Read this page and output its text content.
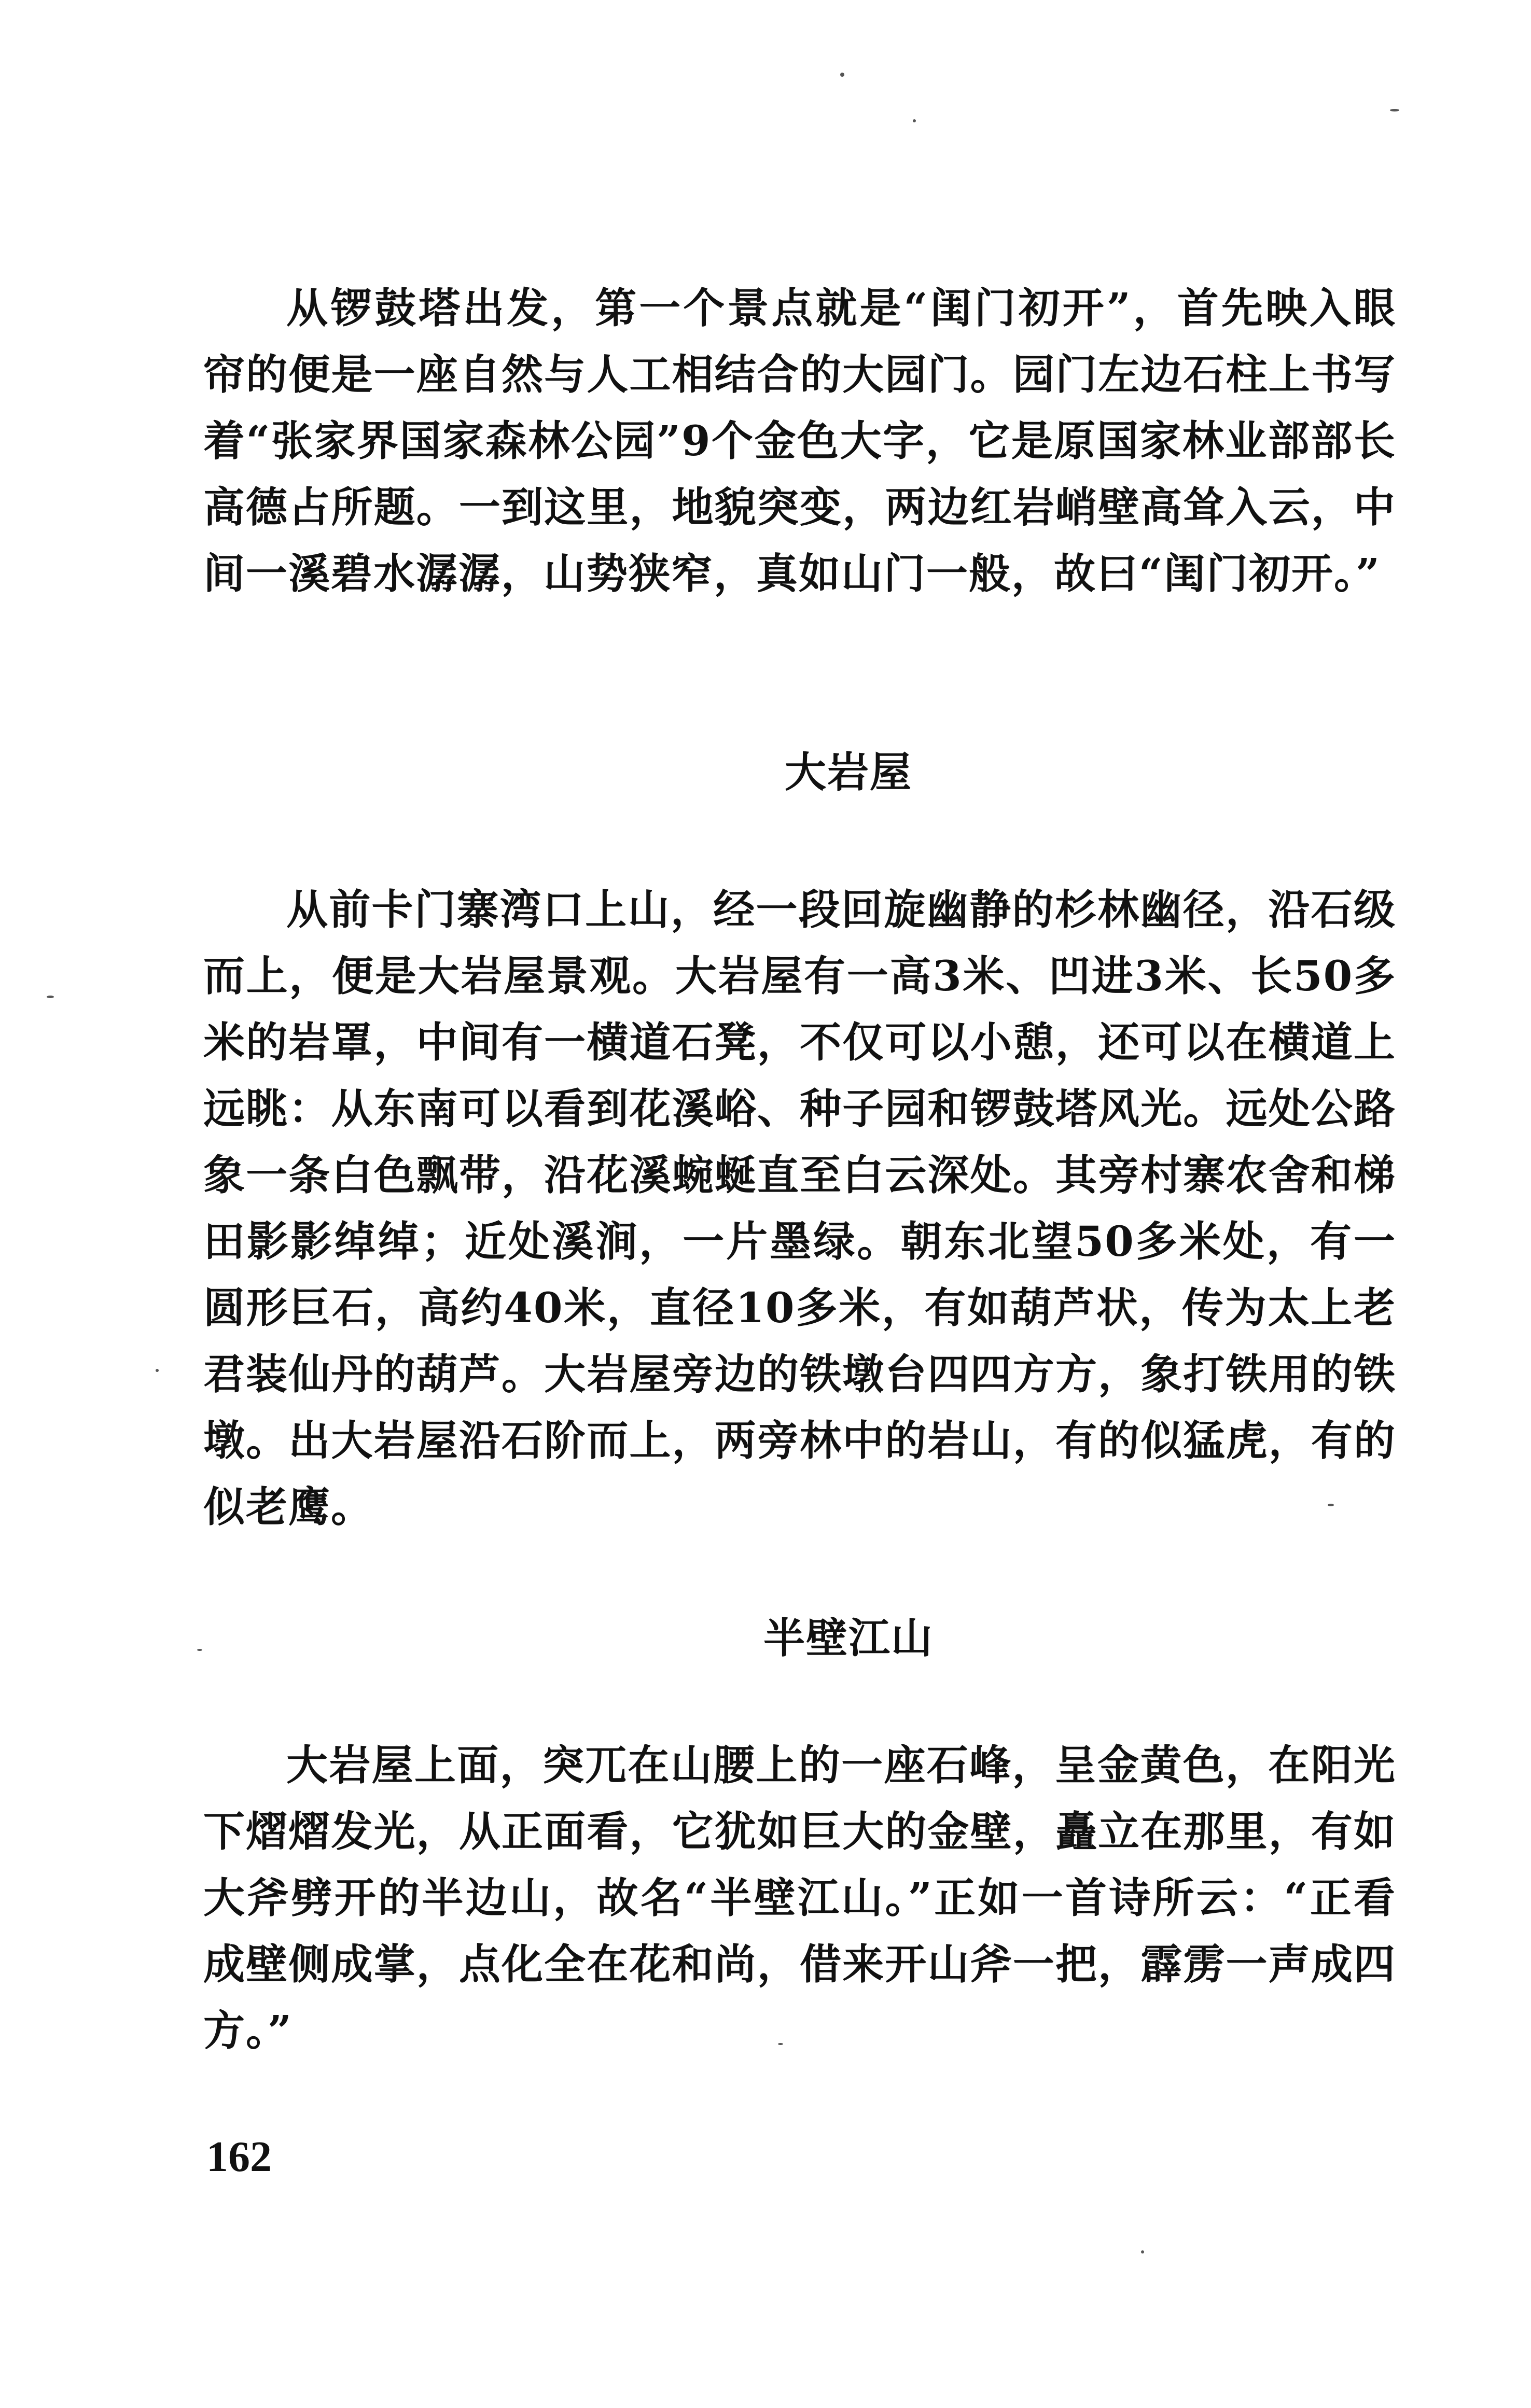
从锣鼓塔出发，第一个景点就是“闺门初开”，首先映入眼帘的便是一座自然与人工相结合的大园门。园门左边石柱上书写着“张家界国家森林公园”9个金色大字，它是原国家林业部部长高德占所题。一到这里，地貌突变，两边红岩峭壁高耸入云，中间一溪碧水潺潺，山势狭窄，真如山门一般，故曰“闺门初开。”

大岩屋

从前卡门寨湾口上山，经一段回旋幽静的杉林幽径，沿石级而上，便是大岩屋景观。大岩屋有一高3米、凹进3米、长50多米的岩罩，中间有一横道石凳，不仅可以小憩，还可以在横道上远眺：从东南可以看到花溪峪、种子园和锣鼓塔风光。远处公路象一条白色飘带，沿花溪蜿蜒直至白云深处。其旁村寨农舍和梯田影影绰绰；近处溪涧，一片墨绿。朝东北望50多米处，有一圆形巨石，高约40米，直径10多米，有如葫芦状，传为太上老君装仙丹的葫芦。大岩屋旁边的铁墩台四四方方，象打铁用的铁墩。出大岩屋沿石阶而上，两旁林中的岩山，有的似猛虎，有的似老鹰。

半壁江山

大岩屋上面，突兀在山腰上的一座石峰，呈金黄色，在阳光下熠熠发光，从正面看，它犹如巨大的金壁，矗立在那里，有如大斧劈开的半边山，故名“半壁江山。”正如一首诗所云：“正看成壁侧成掌，点化全在花和尚，借来开山斧一把，霹雳一声成四方。”

162
